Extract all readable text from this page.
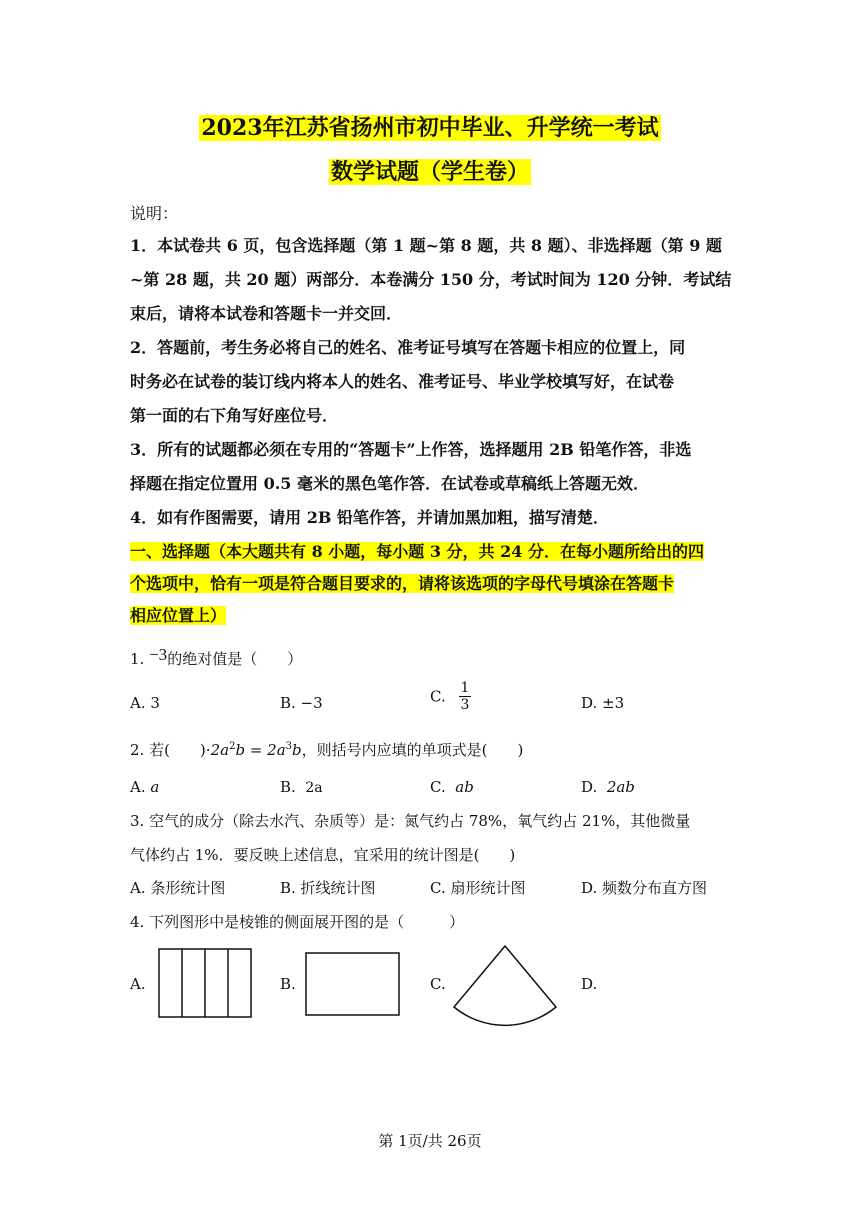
2023年江苏省扬州市初中毕业、升学统一考试
数学试题（学生卷）
说明：
1．本试卷共 6 页，包含选择题（第 1 题~第 8 题，共 8 题）、非选择题（第 9 题
~第 28 题，共 20 题）两部分．本卷满分 150 分，考试时间为 120 分钟．考试结
束后，请将本试卷和答题卡一并交回．
2．答题前，考生务必将自己的姓名、准考证号填写在答题卡相应的位置上，同
时务必在试卷的装订线内将本人的姓名、准考证号、毕业学校填写好，在试卷
第一面的右下角写好座位号．
3．所有的试题都必须在专用的“答题卡”上作答，选择题用 2B 铅笔作答，非选
择题在指定位置用 0.5 毫米的黑色笔作答．在试卷或草稿纸上答题无效．
4．如有作图需要，请用 2B 铅笔作答，并请加黑加粗，描写清楚．
一、选择题（本大题共有 8 小题，每小题 3 分，共 24 分．在每小题所给出的四
个选项中，恰有一项是符合题目要求的，请将该选项的字母代号填涂在答题卡
相应位置上）
1. −3的绝对值是（　　）
A. 3	B. −3	C. $\frac{1}{3}$	D. ±3
2. 若(　　)$\cdot 2a^2b = 2a^3b$，则括号内应填的单项式是(　　)
A. a	B. 2a	C. ab	D. 2ab
3. 空气的成分（除去水汽、杂质等）是：氮气约占 78%，氧气约占 21%，其他微量
气体约占 1%．要反映上述信息，宜采用的统计图是(　　)
A. 条形统计图	B. 折线统计图	C. 扇形统计图	D. 频数分布直方图
4. 下列图形中是棱锥的侧面展开图的是（　　　）
A.	B.	C.	D.
第 1页/共 26页
